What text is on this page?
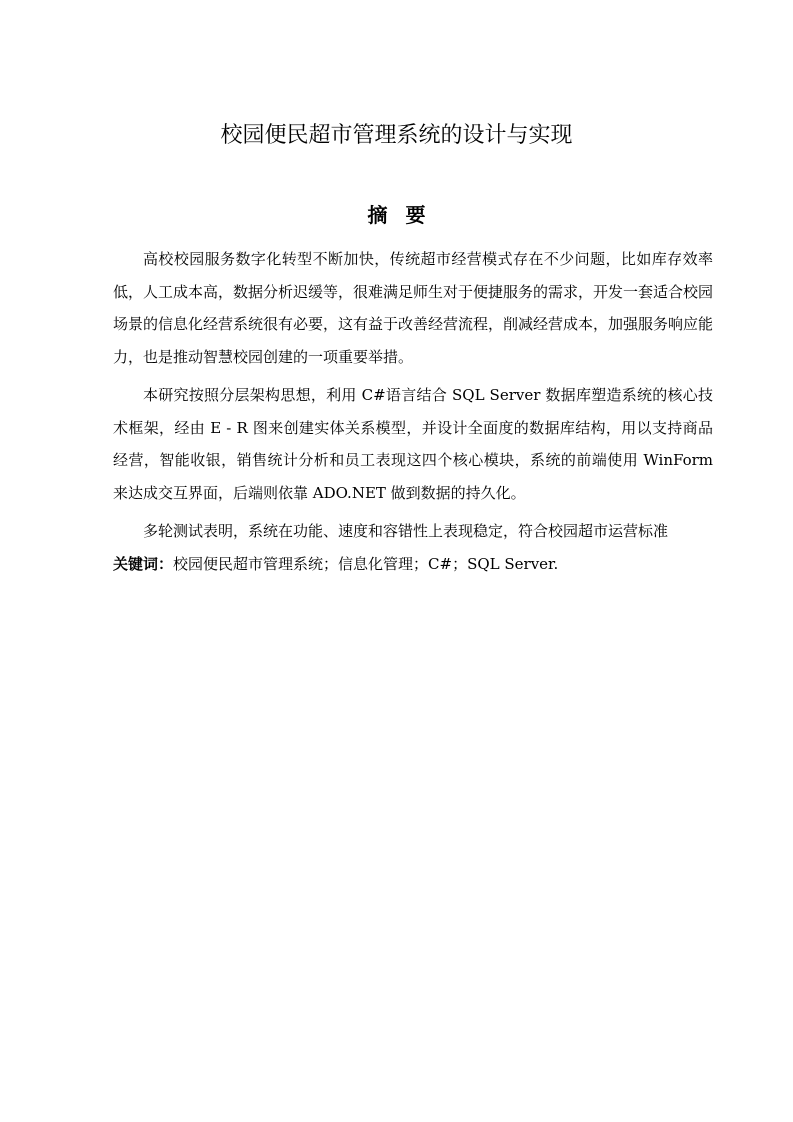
校园便民超市管理系统的设计与实现
摘要

高校校园服务数字化转型不断加快，传统超市经营模式存在不少问题，比如库存效率低，人工成本高，数据分析迟缓等，很难满足师生对于便捷服务的需求，开发一套适合校园场景的信息化经营系统很有必要，这有益于改善经营流程，削减经营成本，加强服务响应能力，也是推动智慧校园创建的一项重要举措。

本研究按照分层架构思想，利用 C#语言结合 SQL Server 数据库塑造系统的核心技术框架，经由 E - R 图来创建实体关系模型，并设计全面度的数据库结构，用以支持商品经营，智能收银，销售统计分析和员工表现这四个核心模块，系统的前端使用 WinForm 来达成交互界面，后端则依靠 ADO.NET 做到数据的持久化。

多轮测试表明，系统在功能、速度和容错性上表现稳定，符合校园超市运营标准

关键词：校园便民超市管理系统；信息化管理；C#；SQL Server.
